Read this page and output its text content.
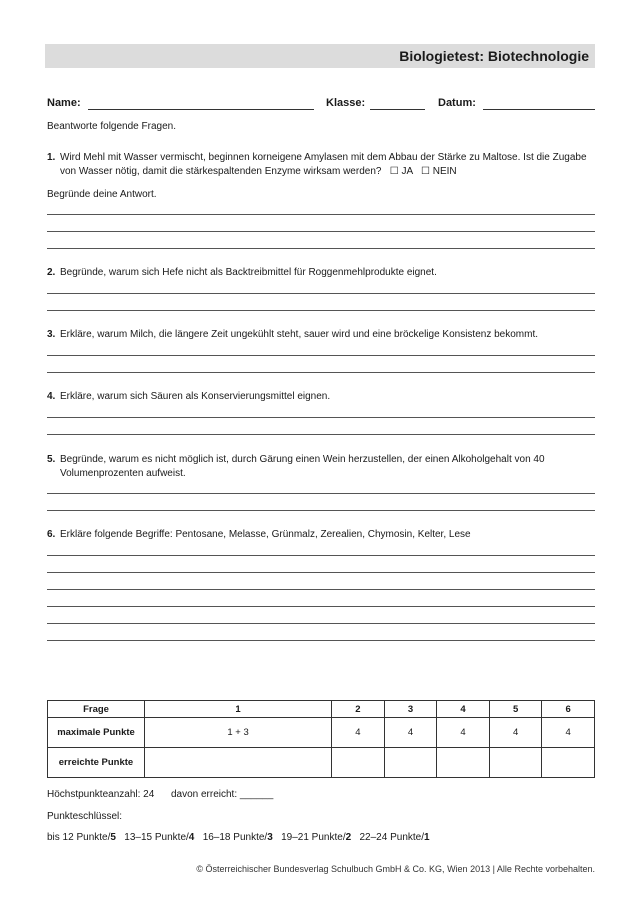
Biologietest: Biotechnologie
Name:	Klasse:	Datum:
Beantworte folgende Fragen.
1. Wird Mehl mit Wasser vermischt, beginnen korneigene Amylasen mit dem Abbau der Stärke zu Maltose. Ist die Zugabe von Wasser nötig, damit die stärkespaltenden Enzyme wirksam werden? ☐ JA ☐ NEIN
Begründe deine Antwort.
2. Begründe, warum sich Hefe nicht als Backtreibmittel für Roggenmehlprodukte eignet.
3. Erkläre, warum Milch, die längere Zeit ungekühlt steht, sauer wird und eine bröckelige Konsistenz bekommt.
4. Erkläre, warum sich Säuren als Konservierungsmittel eignen.
5. Begründe, warum es nicht möglich ist, durch Gärung einen Wein herzustellen, der einen Alkoholgehalt von 40 Volumenprozenten aufweist.
6. Erkläre folgende Begriffe: Pentosane, Melasse, Grünmalz, Zerealien, Chymosin, Kelter, Lese
Frage	1	2	3	4	5	6
maximale Punkte	1 + 3	4	4	4	4	4
erreichte Punkte						
Höchstpunkteanzahl: 24 davon erreicht: ______
Punkteschlüssel:
bis 12 Punkte/5 13–15 Punkte/4 16–18 Punkte/3 19–21 Punkte/2 22–24 Punkte/1
© Österreichischer Bundesverlag Schulbuch GmbH & Co. KG, Wien 2013 | Alle Rechte vorbehalten.
